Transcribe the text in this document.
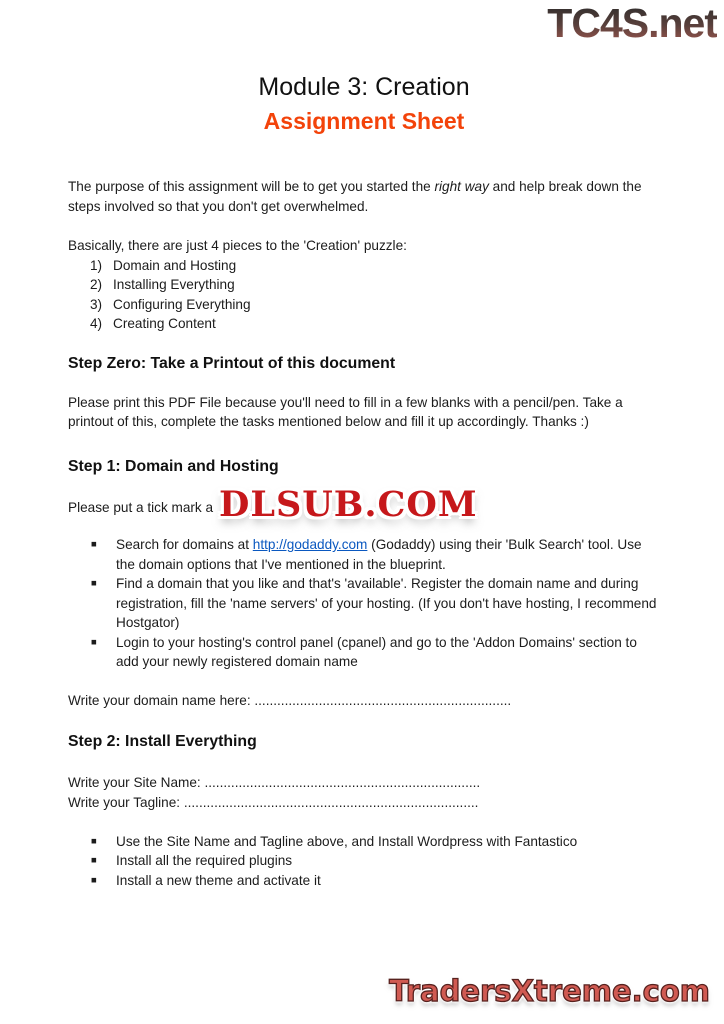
TC4S.net
Module 3: Creation
Assignment Sheet

The purpose of this assignment will be to get you started the right way and help break down the steps involved so that you don't get overwhelmed.

Basically, there are just 4 pieces to the 'Creation' puzzle:

1) Domain and Hosting
2) Installing Everything
3) Configuring Everything
4) Creating Content
Step Zero: Take a Printout of this document

Please print this PDF File because you'll need to fill in a few blanks with a pencil/pen. Take a printout of this, complete the tasks mentioned below and fill it up accordingly. Thanks :)

Step 1: Domain and Hosting

Please put a tick mark a

■	Search for domains at http://godaddy.com (Godaddy) using their 'Bulk Search' tool. Use the domain options that I've mentioned in the blueprint.
■	Find a domain that you like and that's 'available'. Register the domain name and during registration, fill the 'name servers' of your hosting. (If you don't have hosting, I recommend Hostgator)
■	Login to your hosting's control panel (cpanel) and go to the 'Addon Domains' section to add your newly registered domain name
Write your domain name here: ....................................................................
Step 2: Install Everything
Write your Site Name: .........................................................................
Write your Tagline: ..............................................................................
■	Use the Site Name and Tagline above, and Install Wordpress with Fantastico
■	Install all the required plugins
■	Install a new theme and activate it
DLSUB.COM
TradersXtreme.com
